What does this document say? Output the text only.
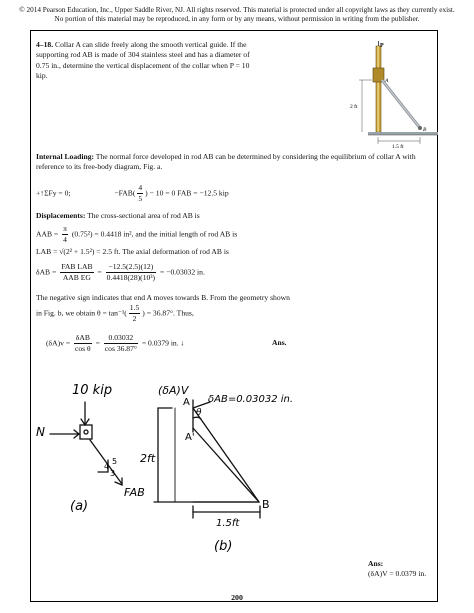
© 2014 Pearson Education, Inc., Upper Saddle River, NJ. All rights reserved. This material is protected under all copyright laws as they currently exist. No portion of this material may be reproduced, in any form or by any means, without permission in writing from the publisher.
4–18. Collar A can slide freely along the smooth vertical guide. If the supporting rod AB is made of 304 stainless steel and has a diameter of 0.75 in., determine the vertical displacement of the collar when P = 10 kip.
P
A
B
2 ft
1.5 ft
Internal Loading: The normal force developed in rod AB can be determined by considering the equilibrium of collar A with reference to its free-body diagram, Fig. a.
+↑ΣFy = 0;	$-FAB( \frac{4}{5}$ ) − 10 = 0 FAB = −12.5 kip
Displacements: The cross-sectional area of rod AB is
AAB = $\frac{\pi}{4} (0.75^2) = 0.4418$ in², and the initial length of rod AB is
LAB = √(2² + 1.5²) = 2.5 ft. The axial deformation of rod AB is
$\delta AB = \frac{\text{FAB LAB}}{\text{AAB EG}} = \frac{-12.5(2.5)(12)}{\text{0.4418(28)(10³)}} = -0.03032$ in.
The negative sign indicates that end A moves towards B. From the geometry shown
in Fig. b, we obtain $\theta = \tan^{-1}( \frac{1.5}{2}$ ) = 36.87°. Thus,
$(\delta A)v = \frac{\text{δAB}}{\text{cos θ}} = \frac{0.03032}{\cos 36.87^\circ} = 0.0379$ in. ↓	Ans.
10 kip
N
4
3
5
FAB
(a)
(δA)V
A
A'
θ
δAB=0.03032 in.
2ft
B
1.5ft
(b)
Ans:
(δA)V = 0.0379 in.
200
